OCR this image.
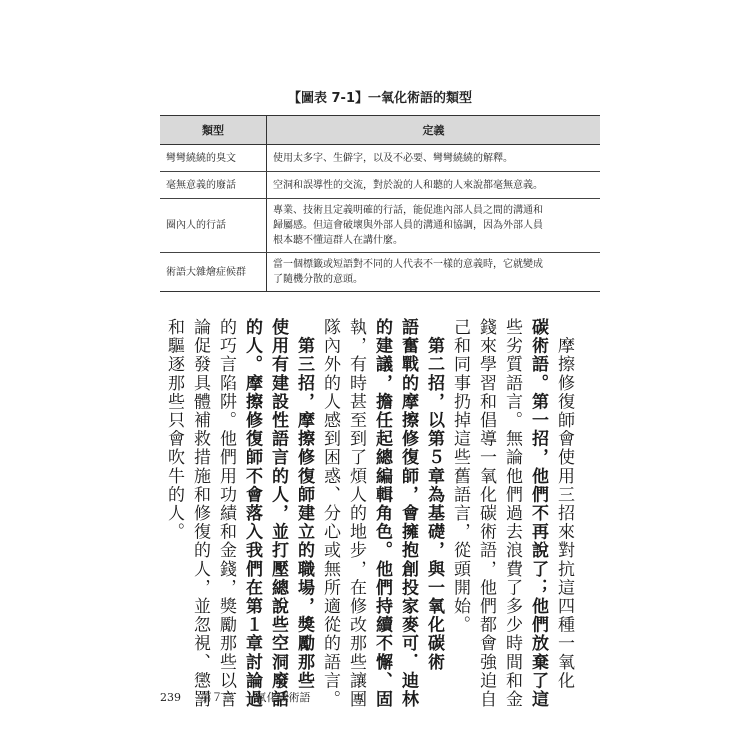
【圖表 7-1】一氧化術語的類型
類型	定義
彎彎繞繞的臭文	使用太多字、生僻字，以及不必要、彎彎繞繞的解釋。
毫無意義的廢話	空洞和誤導性的交流，對於說的人和聽的人來說都毫無意義。
圈內人的行話	專業、技術且定義明確的行話，能促進內部人員之間的溝通和
歸屬感。但這會破壞與外部人員的溝通和協調，因為外部人員
根本聽不懂這群人在講什麼。
術語大雜燴症候群	當一個標籤或短語對不同的人代表不一樣的意義時，它就變成
了隨機分散的意頭。
　摩擦修復師會使用三招來對抗這四種一氧化
碳術語。第一招，他們不再說了；他們放棄了這
些劣質語言。無論他們過去浪費了多少時間和金
錢來學習和倡導一氧化碳術語，他們都會強迫自
己和同事扔掉這些舊語言，從頭開始。
　第二招，以第５章為基礎，與一氧化碳術
語奮戰的摩擦修復師，會擁抱創投家麥可．迪林
的建議，擔任起總編輯角色。他們持續不懈、固
執，有時甚至到了煩人的地步，在修改那些讓團
隊內外的人感到困惑、分心或無所適從的語言。
　第三招，摩擦修復師建立的職場，獎勵那些
使用有建設性語言的人，並打壓總說些空洞廢話
的人。摩擦修復師不會落入我們在第１章討論過
的巧言陷阱。他們用功績和金錢，獎勵那些以言
論促發具體補救措施和修復的人，並忽視、懲罰
和驅逐那些只會吹牛的人。
239 第７章　一氧化碳術語
